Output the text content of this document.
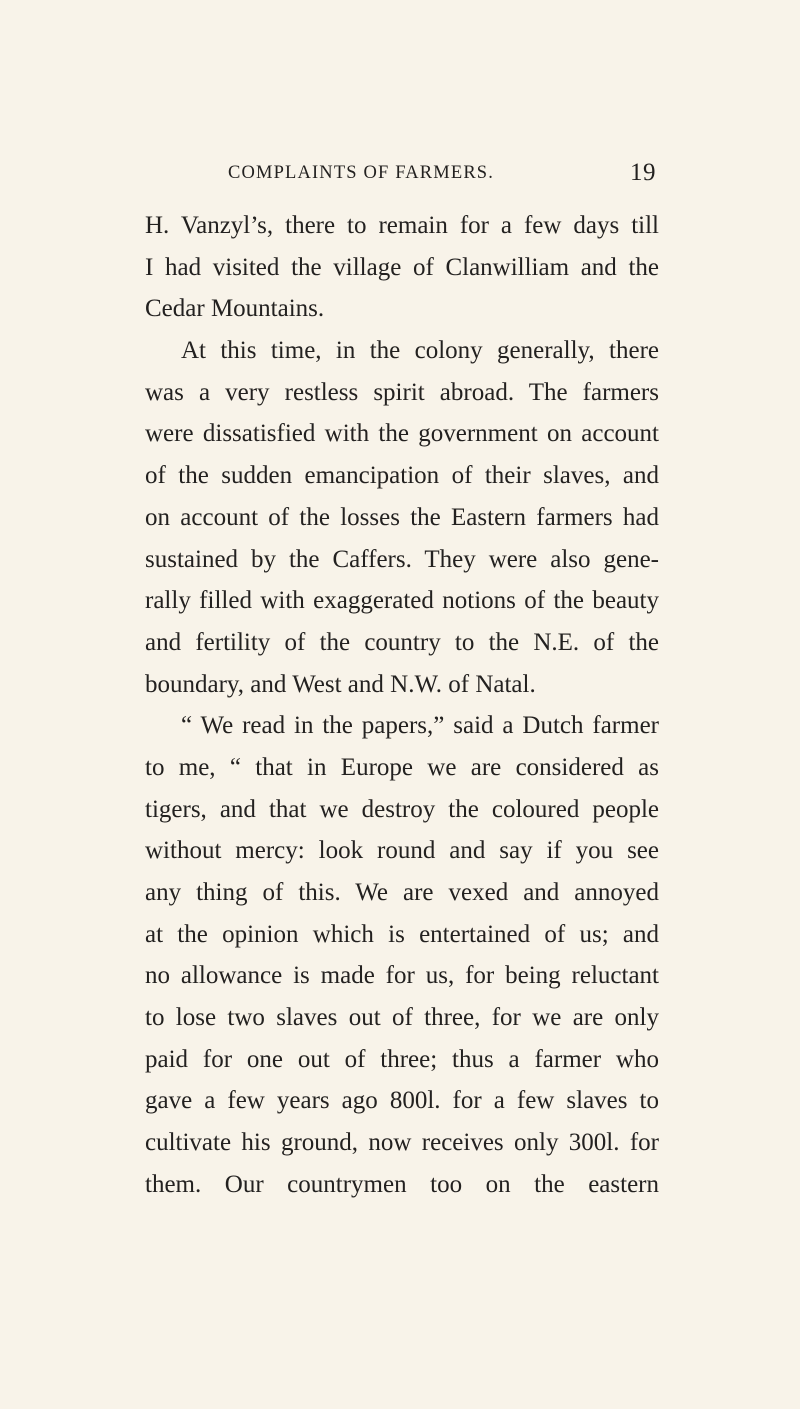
COMPLAINTS OF FARMERS.	19
H. Vanzyl’s, there to remain for a few days till
I had visited the village of Clanwilliam and the
Cedar Mountains.
At this time, in the colony generally, there
was a very restless spirit abroad. The farmers
were dissatisfied with the government on account
of the sudden emancipation of their slaves, and
on account of the losses the Eastern farmers had
sustained by the Caffers. They were also gene-
rally filled with exaggerated notions of the beauty
and fertility of the country to the N.E. of the
boundary, and West and N.W. of Natal.
“ We read in the papers,” said a Dutch farmer
to me, “ that in Europe we are considered as
tigers, and that we destroy the coloured people
without mercy: look round and say if you see
any thing of this. We are vexed and annoyed
at the opinion which is entertained of us; and
no allowance is made for us, for being reluctant
to lose two slaves out of three, for we are only
paid for one out of three; thus a farmer who
gave a few years ago 800l. for a few slaves to
cultivate his ground, now receives only 300l. for
them. Our countrymen too on the eastern
